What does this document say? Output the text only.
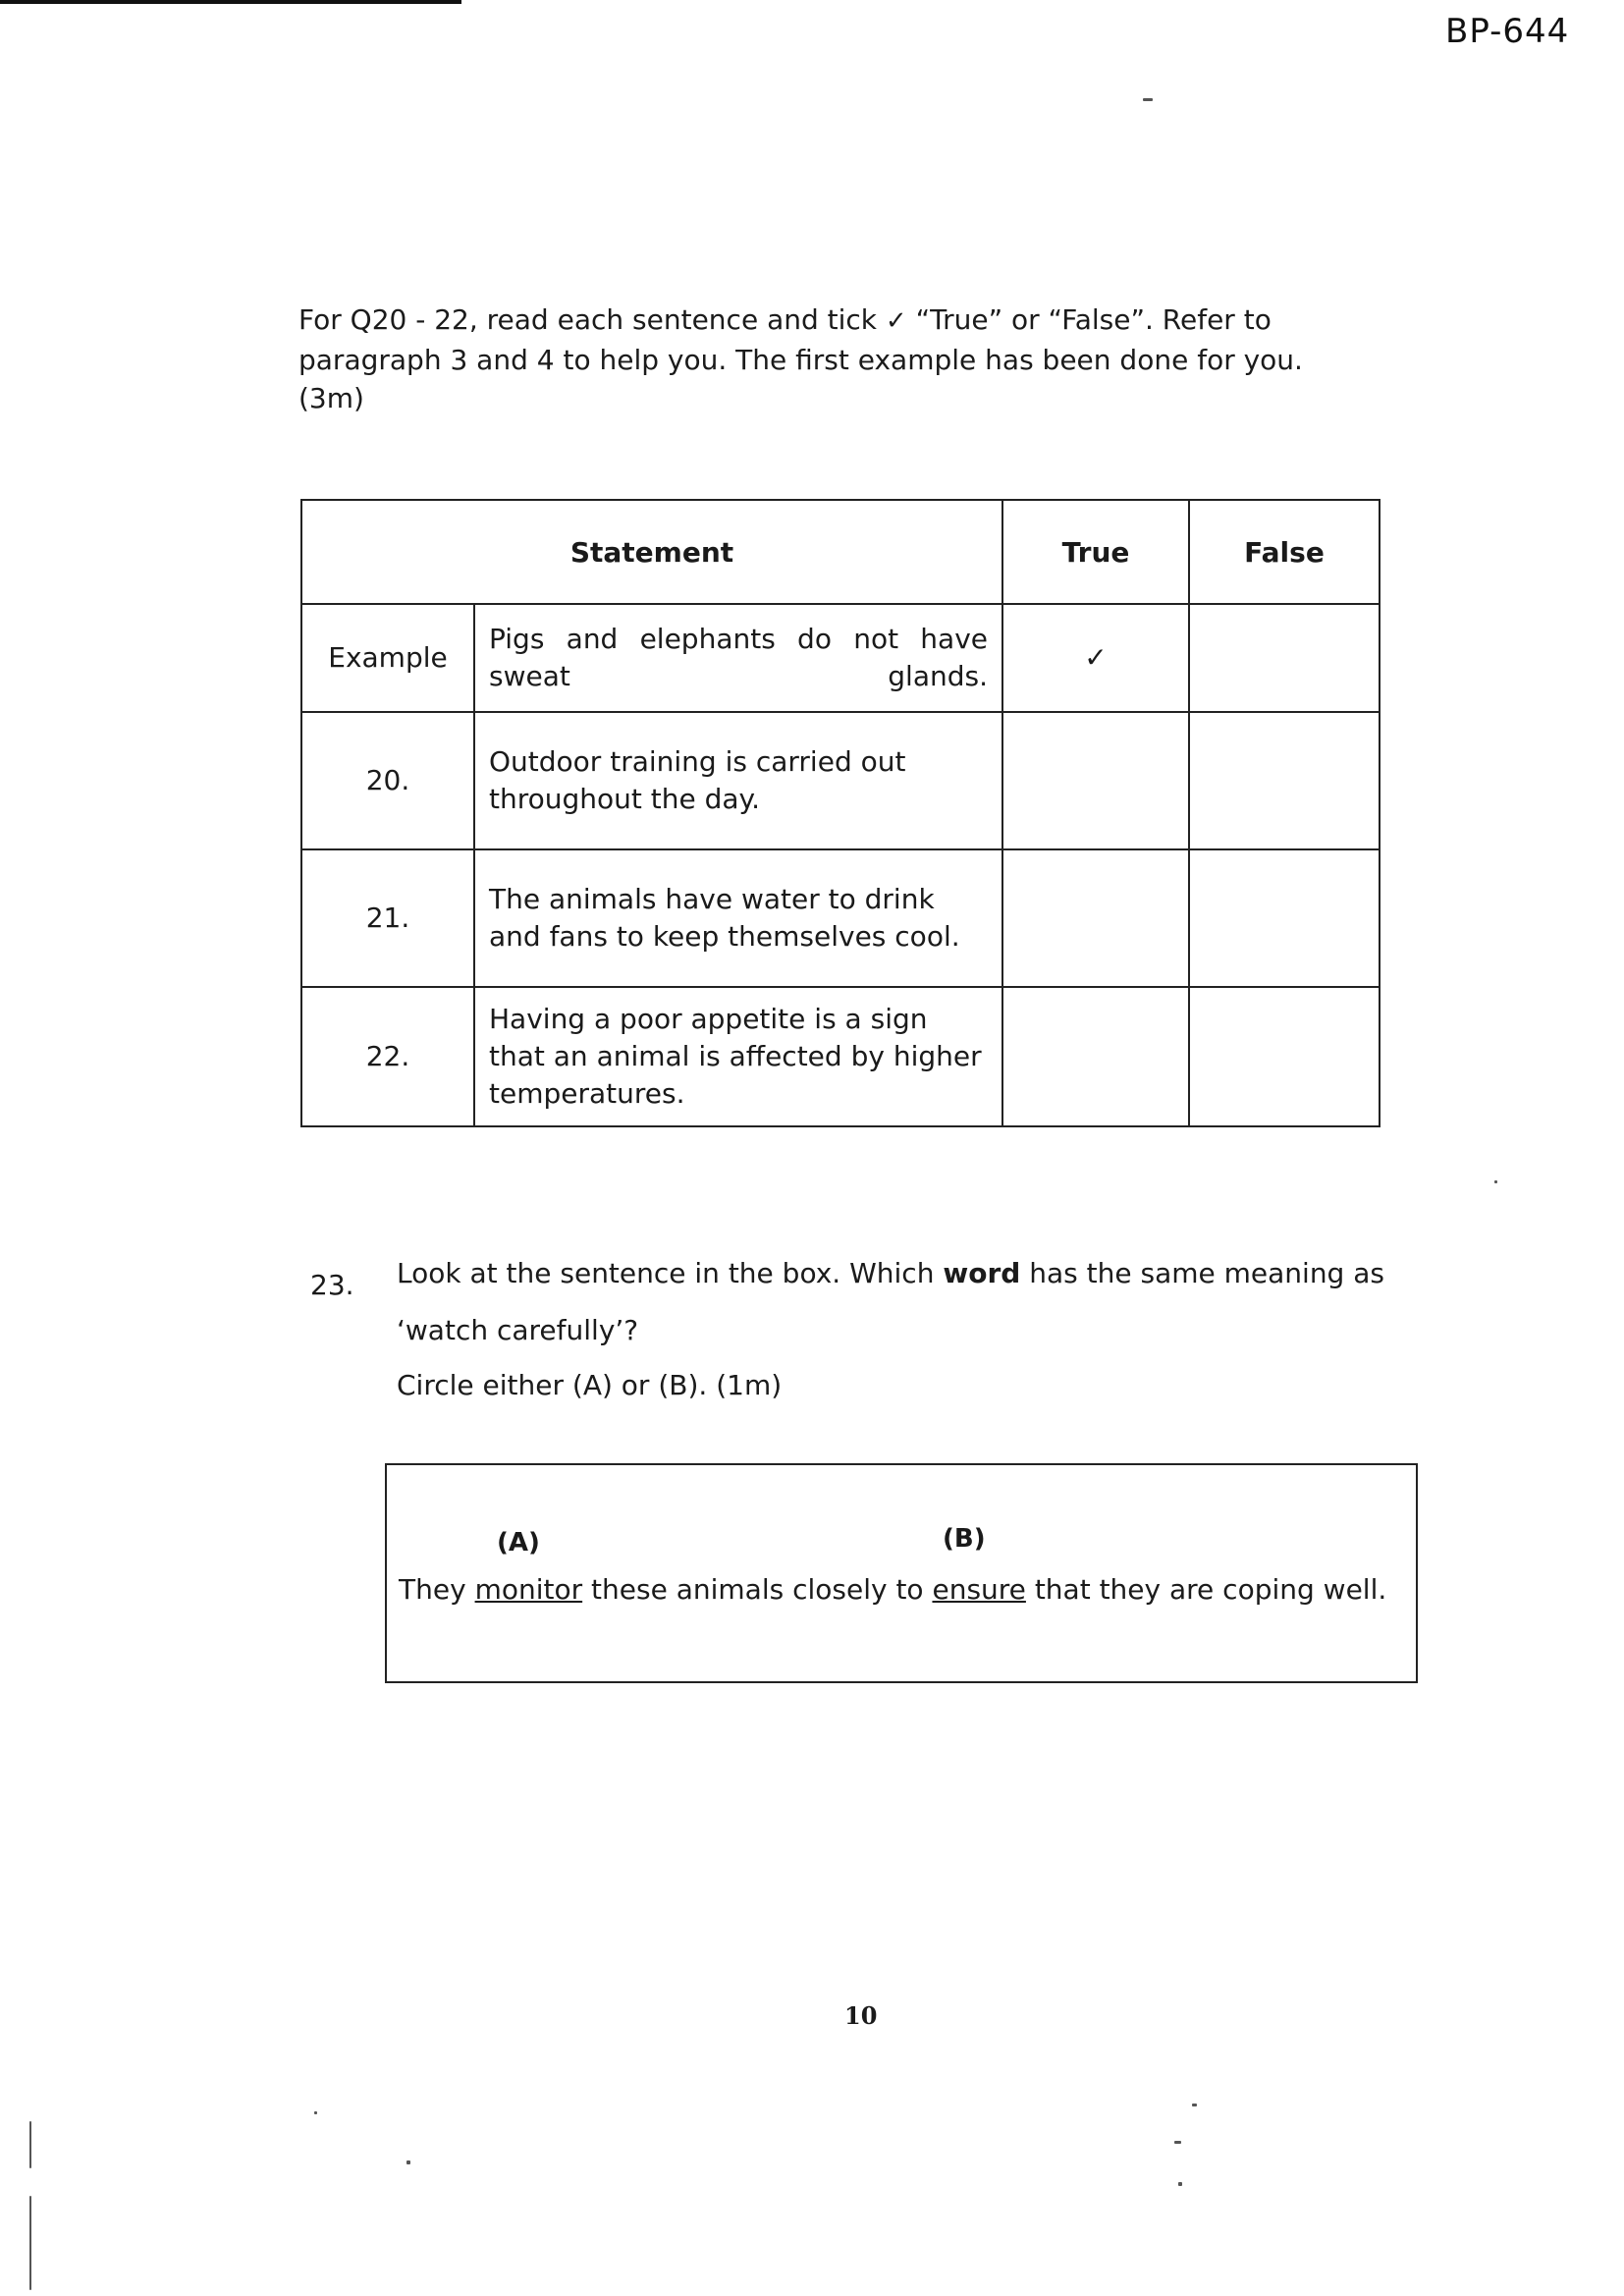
BP-644
For Q20 - 22, read each sentence and tick ✓ “True” or “False”. Refer to paragraph 3 and 4 to help you. The first example has been done for you. (3m)
Statement		True	False
Example	Pigs and elephants do not have sweat glands.	✓	
20.	Outdoor training is carried out throughout the day.		
21.	The animals have water to drink and fans to keep themselves cool.		
22.	Having a poor appetite is a sign that an animal is affected by higher temperatures.		
23. Look at the sentence in the box. Which word has the same meaning as
‘watch carefully’?
Circle either (A) or (B). (1m)
(A)	(B)
They monitor these animals closely to ensure that they are coping well.
10
